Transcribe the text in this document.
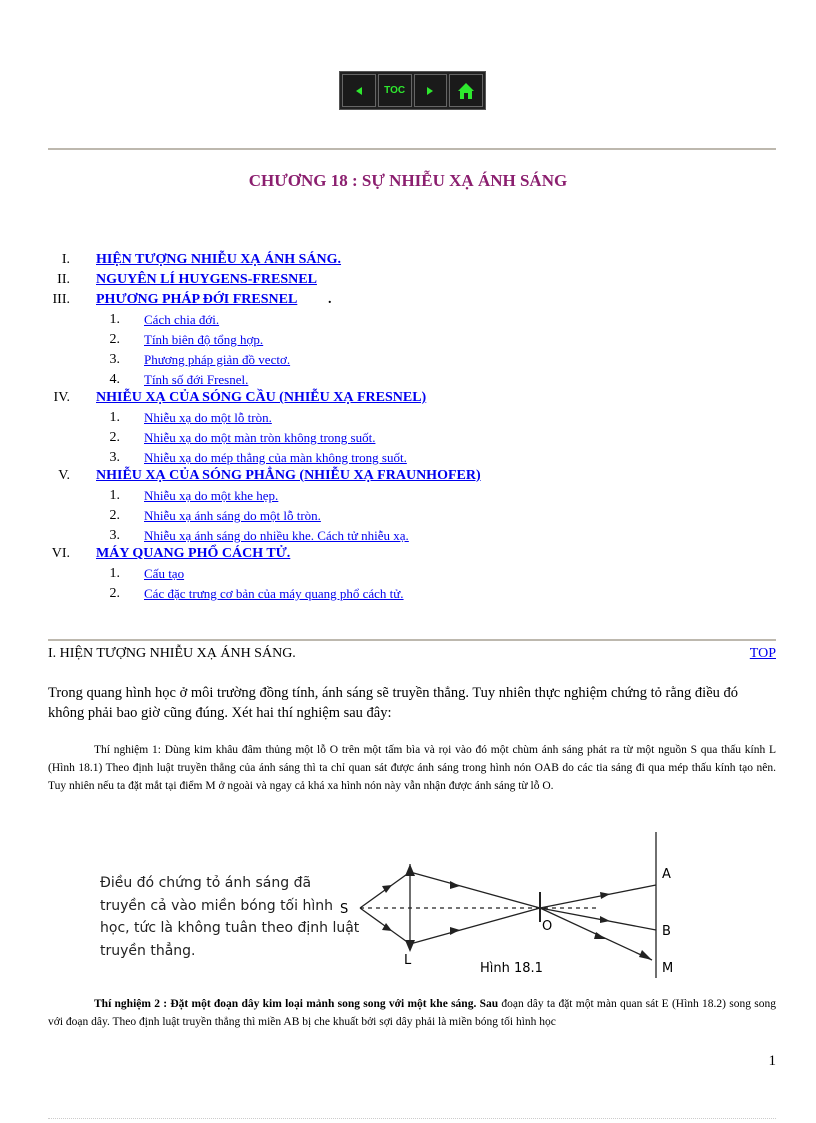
TOC
CHƯƠNG 18 : SỰ NHIỄU XẠ ÁNH SÁNG
I. HIỆN TƯỢNG NHIỄU XẠ ÁNH SÁNG.
II. NGUYÊN LÍ HUYGENS-FRESNEL
III. PHƯƠNG PHÁP ĐỚI FRESNEL .
1. Cách chia đới.
2. Tính biên độ tổng hợp.
3. Phương pháp giản đồ vectơ.
4. Tính số đới Fresnel.
IV. NHIỄU XẠ CỦA SÓNG CẦU (NHIỄU XẠ FRESNEL)
1. Nhiễu xạ do một lỗ tròn.
2. Nhiễu xạ do một màn tròn không trong suốt.
3. Nhiễu xạ do mép thẳng của màn không trong suốt.
V. NHIỄU XẠ CỦA SÓNG PHẲNG (NHIỄU XẠ FRAUNHOFER)
1. Nhiễu xạ do một khe hẹp.
2. Nhiễu xạ ánh sáng do một lỗ tròn.
3. Nhiễu xạ ánh sáng do nhiều khe. Cách tử nhiễu xạ.
VI. MÁY QUANG PHỔ CÁCH TỬ.
1. Cấu tạo
2. Các đặc trưng cơ bản của máy quang phổ cách tử.
I. HIỆN TƯỢNG NHIỄU XẠ ÁNH SÁNG.	TOP
Trong quang hình học ở môi trường đồng tính, ánh sáng sẽ truyền thẳng. Tuy nhiên thực nghiệm chứng tỏ rằng điều đó không phải bao giờ cũng đúng. Xét hai thí nghiệm sau đây:
Thí nghiệm 1: Dùng kim khâu đâm thủng một lỗ O trên một tấm bìa và rọi vào đó một chùm ánh sáng phát ra từ một nguồn S qua thấu kính L (Hình 18.1) Theo định luật truyền thẳng của ánh sáng thì ta chỉ quan sát được ánh sáng trong hình nón OAB do các tia sáng đi qua mép thấu kính tạo nên. Tuy nhiên nếu ta đặt mắt tại điểm M ở ngoài và ngay cả khá xa hình nón này vẫn nhận được ánh sáng từ lỗ O.
Điều đó chứng tỏ ánh sáng đã truyền cả vào miền bóng tối hình học, tức là không tuân theo định luật truyền thẳng.
S
L
O
A
B
M
Hình 18.1
Thí nghiệm 2 : Đặt một đoạn dây kim loại mảnh song song với một khe sáng. Sau đoạn dây ta đặt một màn quan sát E (Hình 18.2) song song với đoạn dây. Theo định luật truyền thẳng thì miền AB bị che khuất bởi sợi dây phải là miền bóng tối hình học
1
